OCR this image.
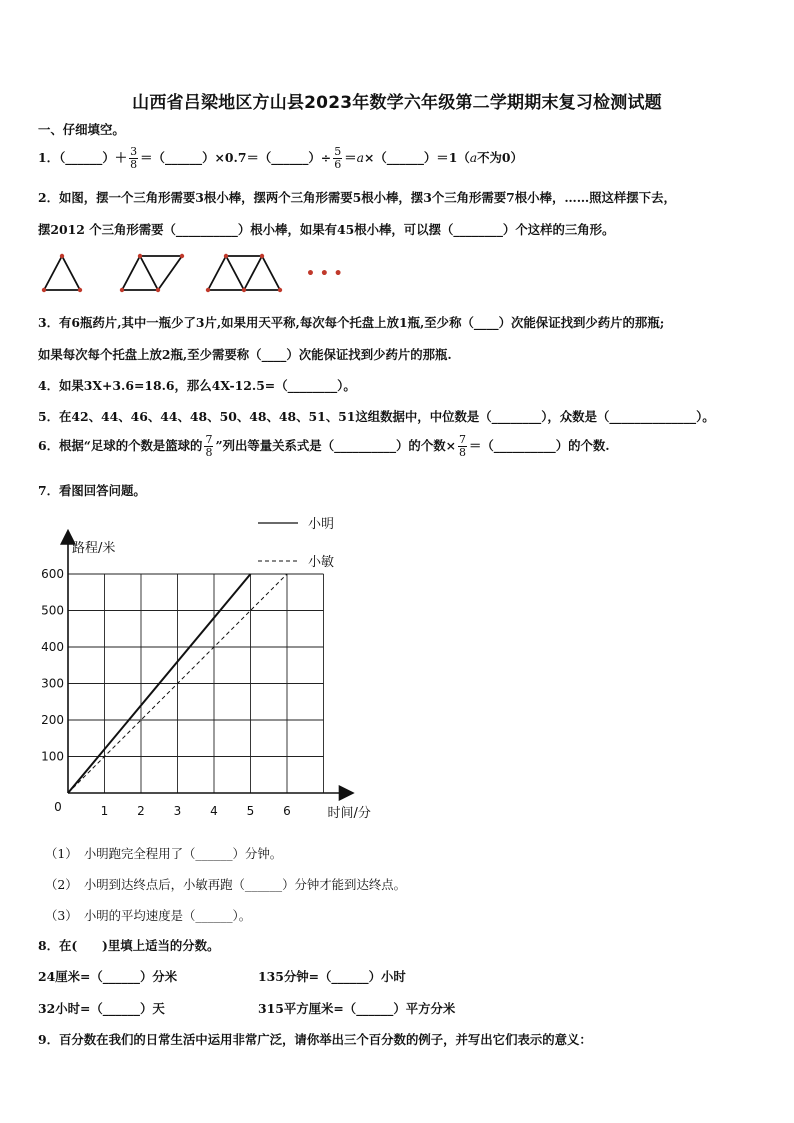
山西省吕梁地区方山县2023年数学六年级第二学期期末复习检测试题
一、仔细填空。
1．（______）＋ $\frac{3}{8}$ ＝（______）×0.7＝（______）÷ $\frac{5}{6}$ ＝a×（______）＝1（a不为0）
2．如图，摆一个三角形需要3根小棒，摆两个三角形需要5根小棒，摆3个三角形需要7根小棒，……照这样摆下去，
摆2012 个三角形需要（__________）根小棒，如果有45根小棒，可以摆（________）个这样的三角形。
• • •
3．有6瓶药片,其中一瓶少了3片,如果用天平称,每次每个托盘上放1瓶,至少称（____）次能保证找到少药片的那瓶;
如果每次每个托盘上放2瓶,至少需要称（____）次能保证找到少药片的那瓶.
4．如果3X+3.6=18.6，那么4X-12.5=（________）。
5．在42、44、46、44、48、50、48、48、51、51这组数据中，中位数是（________），众数是（______________）。
6．根据“足球的个数是篮球的 $\frac{7}{8}$ ”列出等量关系式是（__________）的个数× $\frac{7}{8}$ ＝（__________）的个数.
7．看图回答问题。
1 2 3 4 5 6
100
200
300
400
500
600
0
路程/米
时间/分
小明
小敏
（1）　小明跑完全程用了（______）分钟。
（2）　小明到达终点后，小敏再跑（______）分钟才能到达终点。
（3）　小明的平均速度是（______）。
8．在(　　)里填上适当的分数。
24厘米=（______）分米	135分钟=（______）小时
32小时=（______）天	315平方厘米=（______）平方分米
9．百分数在我们的日常生活中运用非常广泛，请你举出三个百分数的例子，并写出它们表示的意义：
